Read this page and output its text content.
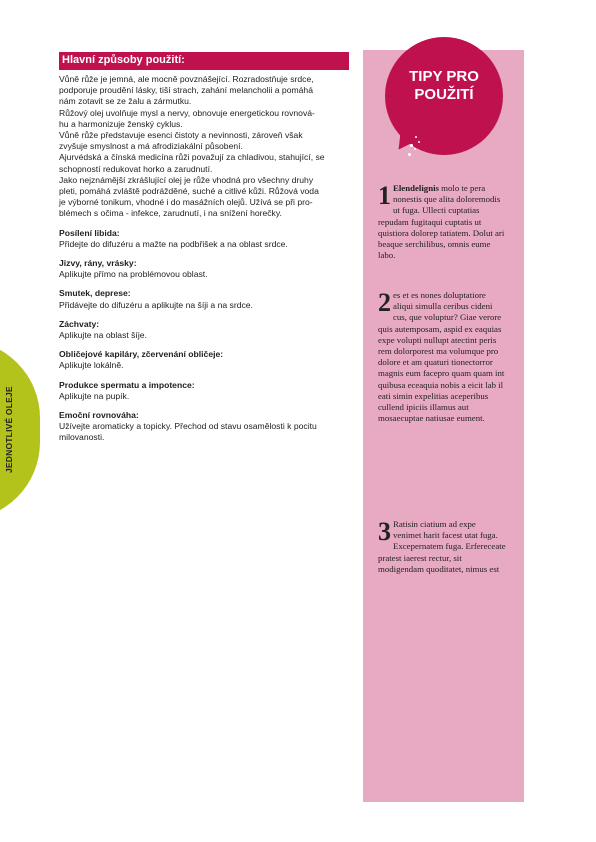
JEDNOTLIVÉ OLEJE
Hlavní způsoby použití:

Vůně růže je jemná, ale mocně povznášející. Rozradostňuje srdce,

podporuje proudění lásky, tiší strach, zahání melancholii a pomáhá

nám zotavit se ze žalu a zármutku.

Růžový olej uvolňuje mysl a nervy, obnovuje energetickou rovnová-

hu a harmonizuje ženský cyklus.

Vůně růže představuje esenci čistoty a nevinnosti, zároveň však

zvyšuje smyslnost a má afrodiziakální působení.

Ajurvédská a čínská medicína růži považují za chladivou, stahující, se

schopností redukovat horko a zarudnutí.

Jako nejznámější zkrášlující olej je růže vhodná pro všechny druhy

pleti, pomáhá zvláště podrážděné, suché a citlivé kůži. Růžová voda

je výborné tonikum, vhodné i do masážních olejů. Užívá se při pro-

blémech s očima - infekce, zarudnutí, i na snížení horečky.

Posílení libida:
Přidejte do difuzéru a mažte na podbřišek a na oblast srdce.
Jizvy, rány, vrásky:
Aplikujte přímo na problémovou oblast.
Smutek, deprese:
Přidávejte do difuzéru a aplikujte na šíji a na srdce.
Záchvaty:
Aplikujte na oblast šíje.
Obličejové kapiláry, zčervenání obličeje:
Aplikujte lokálně.
Produkce spermatu a impotence:
Aplikujte na pupík.
Emoční rovnováha:
Užívejte aromaticky a topicky. Přechod od stavu osamělosti k pocitu milovanosti.
TIPY PRO
POUŽITÍ
1 Elendelignis molo te pera nonestis que alita doloremodis ut fuga. Ullecti cuptatias repudam fugitaqui cuptatis ut quistiora dolorep tatiatem. Dolut ari beaque serchilibus, omnis eume labo.
2 es et es nones doluptatiore aliqui simulla ceribus cideni cus, que voluptur? Giae verore quis autemposam, aspid ex eaquias expe volupti nullupt atectint peris rem dolorporest ma volumque pro dolore et am quaturi tionectorror magnis eum facepro quam quam int quibusa eceaquia nobis a eicit lab il eati simin expelitias aceperibus cullend ipiciis illamus aut mosaecuptae natiusae eument.
3 Ratisin ciatium ad expe venimet harit facest utat fuga. Excepernatem fuga. Erfereceate pratest iaerest rectur, sit modigendam quoditatet, nimus est
